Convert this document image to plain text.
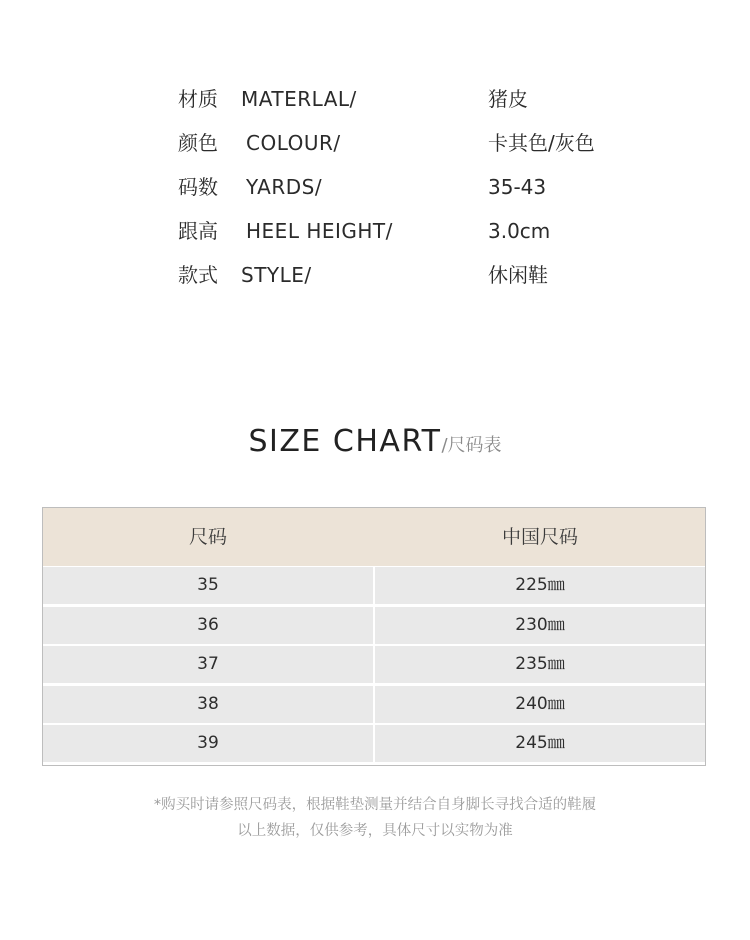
材质 MATERLAL/	猪皮
颜色 COLOUR/	卡其色/灰色
码数 YARDS/	35-43
跟高 HEEL HEIGHT/	3.0cm
款式 STYLE/	休闲鞋
SIZE CHART/尺码表
尺码	中国尺码
35	225㎜
36	230㎜
37	235㎜
38	240㎜
39	245㎜
*购买时请参照尺码表，根据鞋垫测量并结合自身脚长寻找合适的鞋履
以上数据，仅供参考，具体尺寸以实物为准
